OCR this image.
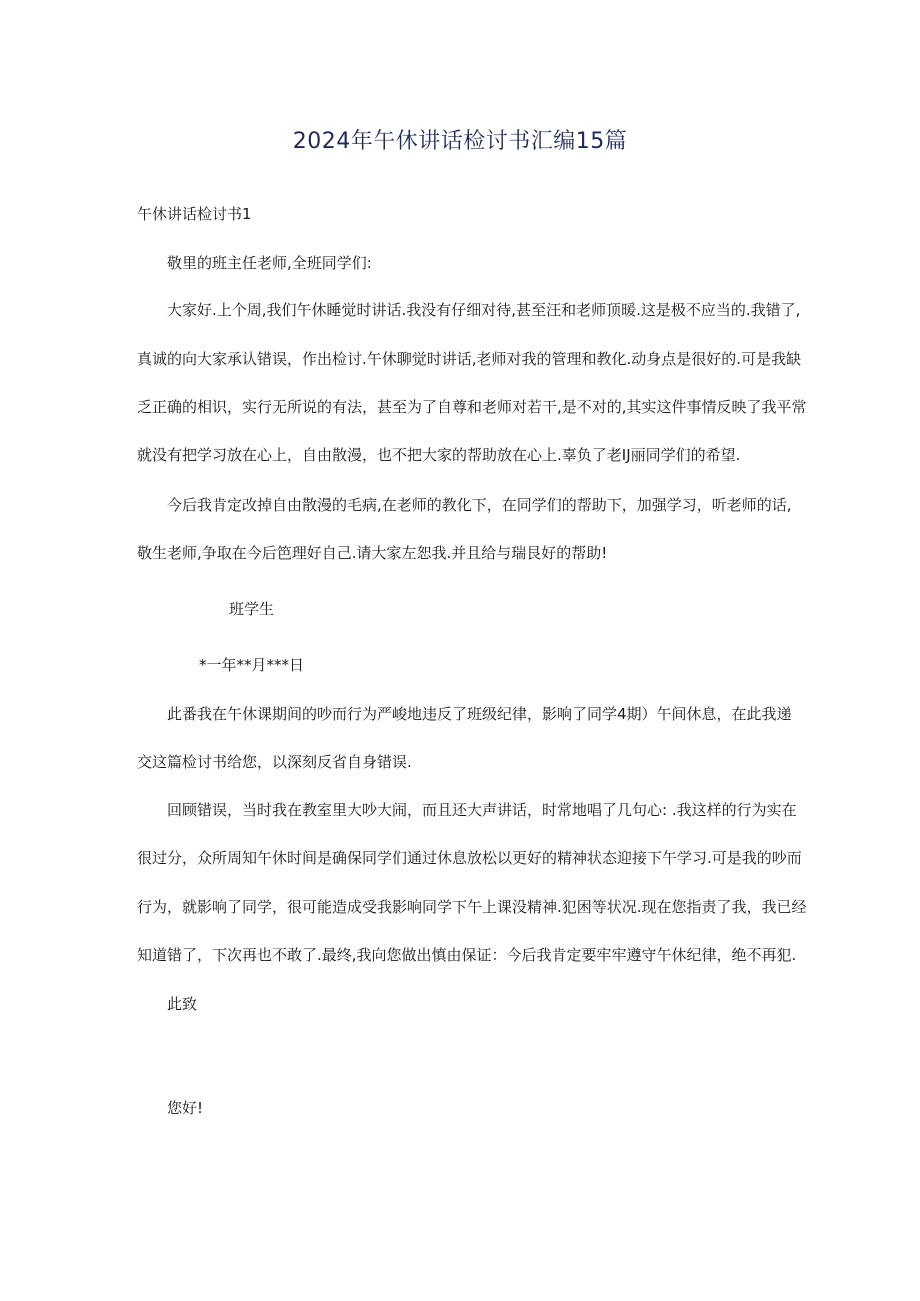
2024年午休讲话检讨书汇编15篇
午休讲话检讨书1
敬里的班主任老师,全班同学们:
大家好.上个周,我们午休睡觉时讲话.我没有仔细对待,甚至汪和老师顶暖.这是极不应当的.我错了,
真诚的向大家承认错误，作出检讨.午休聊觉时讲话,老师对我的管理和教化.动身点是很好的.可是我缺
乏正确的相识，实行无所说的有法，甚至为了自尊和老师对若干,是不对的,其实这件事情反映了我平常
就没有把学习放在心上，自由散漫，也不把大家的帮助放在心上.辜负了老IJ丽同学们的希望.
今后我肯定改掉自由散漫的毛病,在老师的教化下，在同学们的帮助下，加强学习，听老师的话,
敬生老师,争取在今后笆理好自己.请大家左恕我.并且给与瑞艮好的帮助!
班学生
*一年**月***日
此番我在午休课期间的吵而行为严峻地违反了班级纪律，影响了同学4期）午间休息，在此我递
交这篇检讨书给您，以深刻反省自身错误.
回顾错误，当时我在教室里大吵大闹，而且还大声讲话，时常地唱了几句心: .我这样的行为实在
很过分，众所周知午休时间是确保同学们通过休息放松以更好的精神状态迎接下午学习.可是我的吵而
行为，就影响了同学，很可能造成受我影响同学下午上课没精神.犯困等状况.现在您指责了我，我已经
知道错了，下次再也不敢了.最终,我向您做出慎由保证：今后我肯定要牢牢遵守午休纪律，绝不再犯.
此致
您好!
